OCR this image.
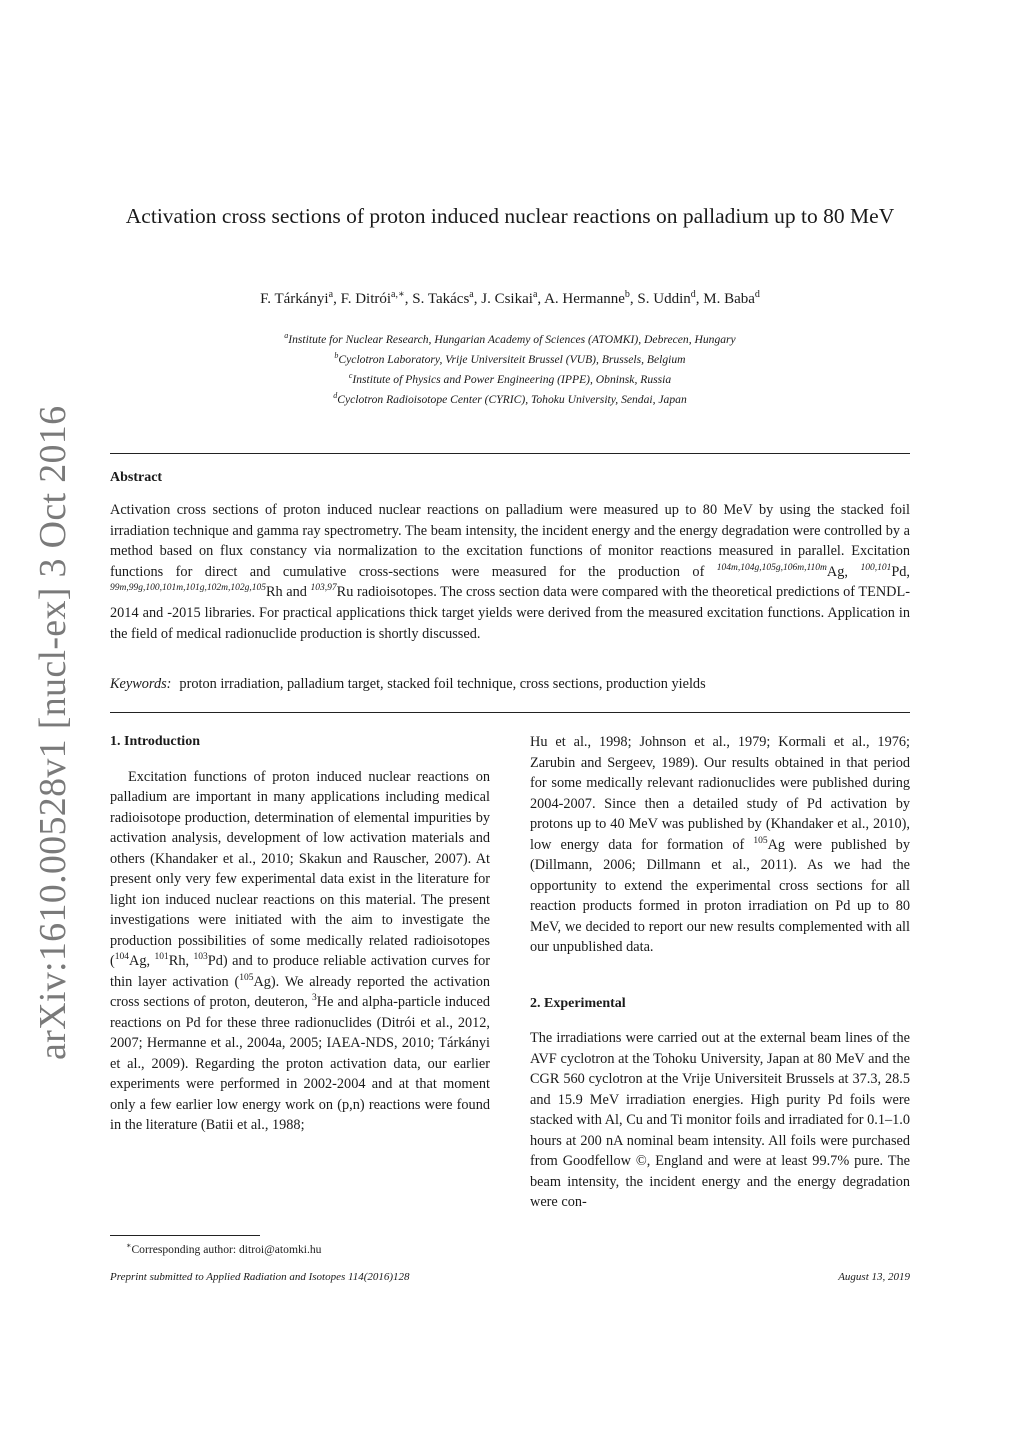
arXiv:1610.00528v1 [nucl-ex] 3 Oct 2016
Activation cross sections of proton induced nuclear reactions on palladium up to 80 MeV

F. Tárkányi$^a$, F. Ditrói$^{a,∗}$, S. Takács$^a$, J. Csikai$^a$, A. Hermanne$^b$, S. Uddin$^d$, M. Baba$^d$

$^a$Institute for Nuclear Research, Hungarian Academy of Sciences (ATOMKI), Debrecen, Hungary
$^b$Cyclotron Laboratory, Vrije Universiteit Brussel (VUB), Brussels, Belgium
$^c$Institute of Physics and Power Engineering (IPPE), Obninsk, Russia
$^d$Cyclotron Radioisotope Center (CYRIC), Tohoku University, Sendai, Japan
Abstract

Activation cross sections of proton induced nuclear reactions on palladium were measured up to 80 MeV by using the stacked foil irradiation technique and gamma ray spectrometry. The beam intensity, the incident energy and the energy degradation were controlled by a method based on flux constancy via normalization to the excitation functions of monitor reactions measured in parallel. Excitation functions for direct and cumulative cross-sections were measured for the production of $^{104m,104g,105g,106m,110m}$Ag, $^{100,101}$Pd, $^{99m,99g,100,101m,101g,102m,102g,105}$Rh and $^{103,97}$Ru radioisotopes. The cross section data were compared with the theoretical predictions of TENDL-2014 and -2015 libraries. For practical applications thick target yields were derived from the measured excitation functions. Application in the field of medical radionuclide production is shortly discussed.

Keywords: proton irradiation, palladium target, stacked foil technique, cross sections, production yields

1. Introduction

Excitation functions of proton induced nuclear reactions on palladium are important in many applications including medical radioisotope production, determination of elemental impurities by activation analysis, development of low activation materials and others (Khandaker et al., 2010; Skakun and Rauscher, 2007). At present only very few experimental data exist in the literature for light ion induced nuclear reactions on this material. The present investigations were initiated with the aim to investigate the production possibilities of some medically related radioisotopes ($^{104}$Ag, $^{101}$Rh, $^{103}$Pd) and to produce reliable activation curves for thin layer activation ($^{105}$Ag). We already reported the activation cross sections of proton, deuteron, $^3$He and alpha-particle induced reactions on Pd for these three radionuclides (Ditrói et al., 2012, 2007; Hermanne et al., 2004a, 2005; IAEA-NDS, 2010; Tárkányi et al., 2009). Regarding the proton activation data, our earlier experiments were performed in 2002-2004 and at that moment only a few earlier low energy work on (p,n) reactions were found in the literature (Batii et al., 1988;

Hu et al., 1998; Johnson et al., 1979; Kormali et al., 1976; Zarubin and Sergeev, 1989). Our results obtained in that period for some medically relevant radionuclides were published during 2004-2007. Since then a detailed study of Pd activation by protons up to 40 MeV was published by (Khandaker et al., 2010), low energy data for formation of $^{105}$Ag were published by (Dillmann, 2006; Dillmann et al., 2011). As we had the opportunity to extend the experimental cross sections for all reaction products formed in proton irradiation on Pd up to 80 MeV, we decided to report our new results complemented with all our unpublished data.

2. Experimental

The irradiations were carried out at the external beam lines of the AVF cyclotron at the Tohoku University, Japan at 80 MeV and the CGR 560 cyclotron at the Vrije Universiteit Brussels at 37.3, 28.5 and 15.9 MeV irradiation energies. High purity Pd foils were stacked with Al, Cu and Ti monitor foils and irradiated for 0.1–1.0 hours at 200 nA nominal beam intensity. All foils were purchased from Goodfellow ©, England and were at least 99.7% pure. The beam intensity, the incident energy and the energy degradation were con-

∗Corresponding author: ditroi@atomki.hu
Preprint submitted to Applied Radiation and Isotopes 114(2016)128	August 13, 2019
